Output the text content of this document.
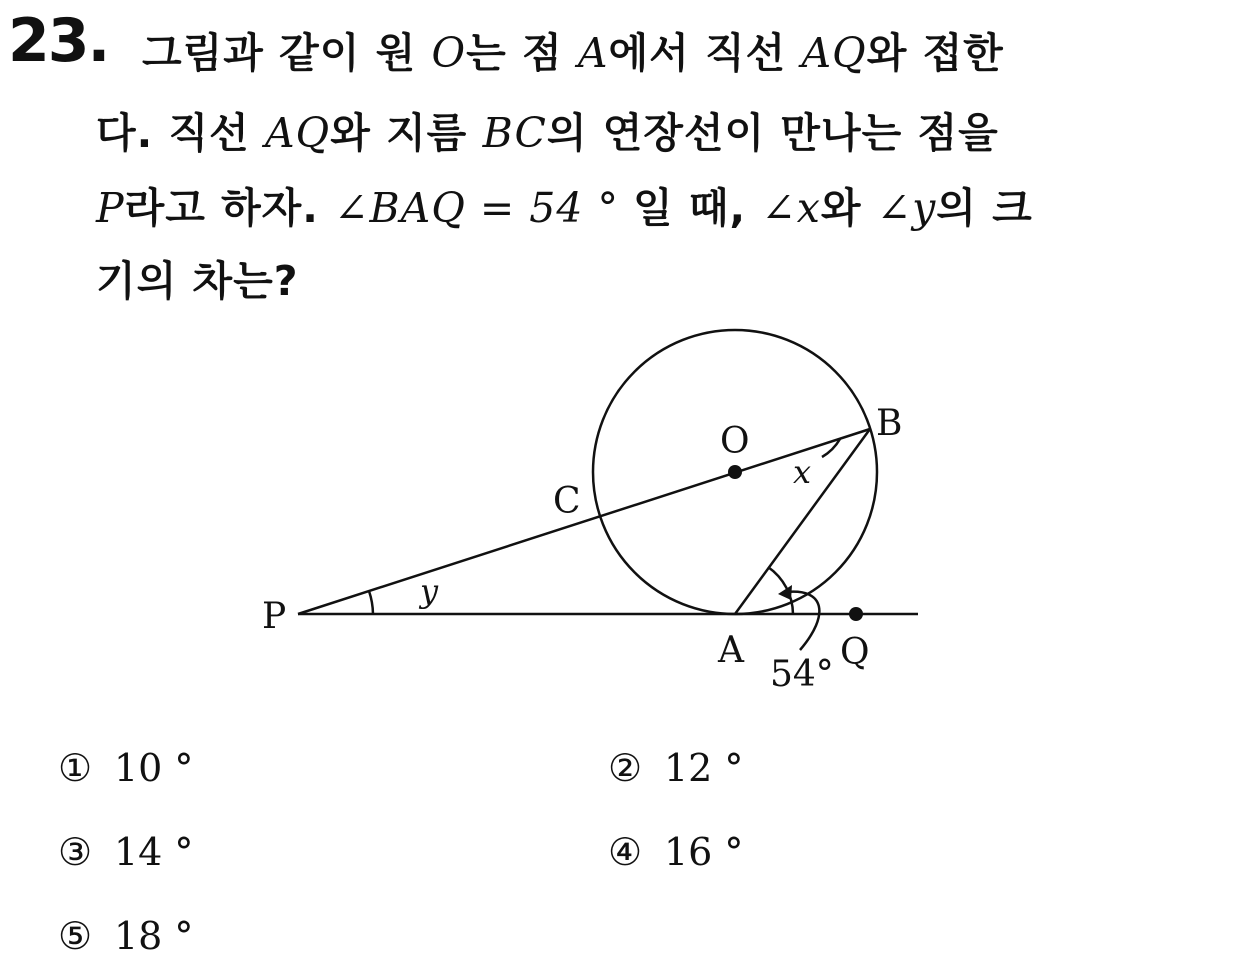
23. 그림과 같이 원 O는 점 A에서 직선 AQ와 접한
다. 직선 AQ와 지름 BC의 연장선이 만나는 점을
P라고 하자. ∠BAQ = 54 ° 일 때, ∠x와 ∠y의 크
기의 차는?
O	B
C
P
A	Q
x
y
54°
① 10 °	② 12 °
③ 14 °	④ 16 °
⑤ 18 °
